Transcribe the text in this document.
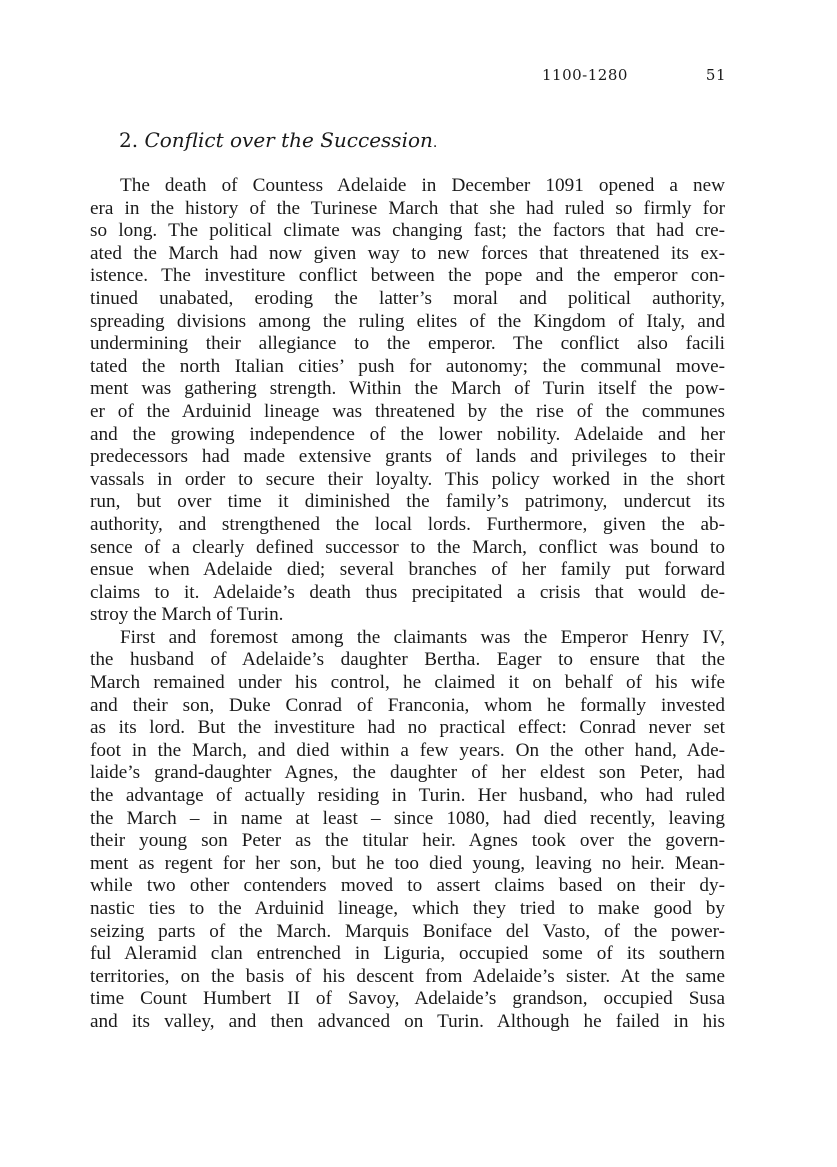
1100-1280	51
2. Conflict over the Succession.
The death of Countess Adelaide in December 1091 opened a new
era in the history of the Turinese March that she had ruled so firmly for
so long. The political climate was changing fast; the factors that had cre-
ated the March had now given way to new forces that threatened its ex-
istence. The investiture conflict between the pope and the emperor con-
tinued unabated, eroding the latter’s moral and political authority,
spreading divisions among the ruling elites of the Kingdom of Italy, and
undermining their allegiance to the emperor. The conflict also facili
tated the north Italian cities’ push for autonomy; the communal move-
ment was gathering strength. Within the March of Turin itself the pow-
er of the Arduinid lineage was threatened by the rise of the communes
and the growing independence of the lower nobility. Adelaide and her
predecessors had made extensive grants of lands and privileges to their
vassals in order to secure their loyalty. This policy worked in the short
run, but over time it diminished the family’s patrimony, undercut its
authority, and strengthened the local lords. Furthermore, given the ab-
sence of a clearly defined successor to the March, conflict was bound to
ensue when Adelaide died; several branches of her family put forward
claims to it. Adelaide’s death thus precipitated a crisis that would de-
stroy the March of Turin.
First and foremost among the claimants was the Emperor Henry IV,
the husband of Adelaide’s daughter Bertha. Eager to ensure that the
March remained under his control, he claimed it on behalf of his wife
and their son, Duke Conrad of Franconia, whom he formally invested
as its lord. But the investiture had no practical effect: Conrad never set
foot in the March, and died within a few years. On the other hand, Ade-
laide’s grand-daughter Agnes, the daughter of her eldest son Peter, had
the advantage of actually residing in Turin. Her husband, who had ruled
the March – in name at least – since 1080, had died recently, leaving
their young son Peter as the titular heir. Agnes took over the govern-
ment as regent for her son, but he too died young, leaving no heir. Mean-
while two other contenders moved to assert claims based on their dy-
nastic ties to the Arduinid lineage, which they tried to make good by
seizing parts of the March. Marquis Boniface del Vasto, of the power-
ful Aleramid clan entrenched in Liguria, occupied some of its southern
territories, on the basis of his descent from Adelaide’s sister. At the same
time Count Humbert II of Savoy, Adelaide’s grandson, occupied Susa
and its valley, and then advanced on Turin. Although he failed in his
